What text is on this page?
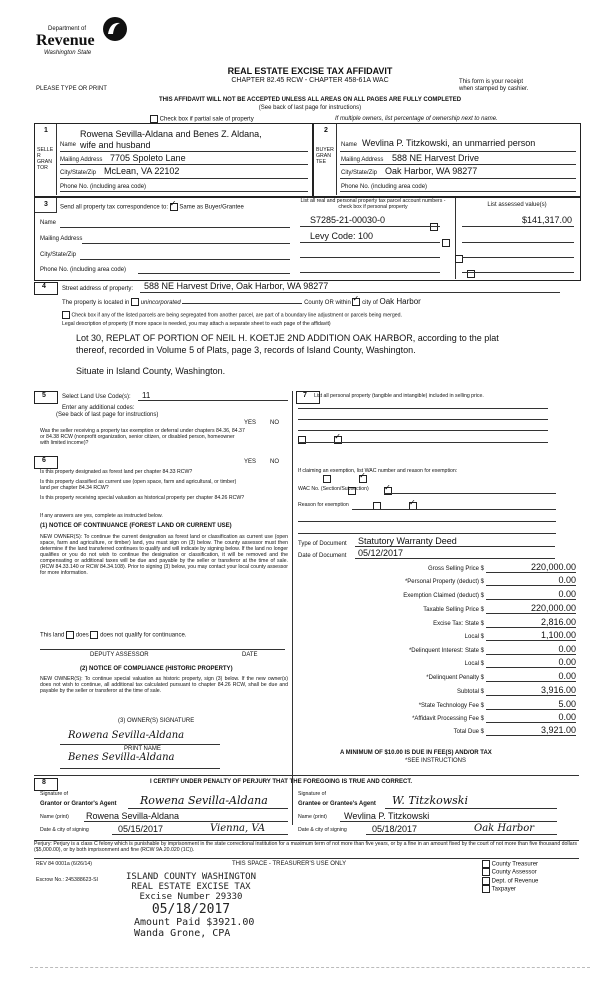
Department of
Revenue
Washington State
PLEASE TYPE OR PRINT
REAL ESTATE EXCISE TAX AFFIDAVIT
CHAPTER 82.45 RCW - CHAPTER 458-61A WAC	This form is your receipt
when stamped by cashier.
THIS AFFIDAVIT WILL NOT BE ACCEPTED UNLESS ALL AREAS ON ALL PAGES ARE FULLY COMPLETED
(See back of last page for instructions)
Check box if partial sale of property	If multiple owners, list percentage of ownership next to name.
1	2
SELLER GRANTOR
BUYER GRANTEE
Name
Rowena Sevilla-Aldana and Benes Z. Aldana,
wife and husband
Mailing Address 7705 Spoleto Lane
City/State/Zip McLean, VA 22102
Phone No. (including area code)
Name Wevlina P. Titzkowski, an unmarried person
Mailing Address 588 NE Harvest Drive
City/State/Zip Oak Harbor, WA 98277
Phone No. (including area code)
3 Send all property tax correspondence to: ✓ Same as Buyer/Grantee
List all real and personal property tax parcel account numbers - check box if personal property	List assessed value(s)
S7285-21-00030-0
	$141,317.00
Levy Code: 100

Name
Mailing Address
City/State/Zip
Phone No. (including area code)
4	Street address of property: 588 NE Harvest Drive, Oak Harbor, WA 98277
The property is located in unincorporated	County OR within ✓ city of Oak Harbor
Check box if any of the listed parcels are being segregated from another parcel, are part of a boundary line adjustment or parcels being merged.
Legal description of property (if more space is needed, you may attach a separate sheet to each page of the affidavit)
Lot 30, REPLAT OF PORTION OF NEIL H. KOETJE 2ND ADDITION OAK HARBOR, according to the plat
thereof, recorded in Volume 5 of Plats, page 3, records of Island County, Washington.
Situate in Island County, Washington.
5	Select Land Use Code(s): 11
Enter any additional codes:
(See back of last page for instructions)
YES NO
Was the seller receiving a property tax exemption or deferral under chapters 84.36, 84.37 or 84.38 RCW (nonprofit organization, senior citizen, or disabled person, homeowner with limited income)?
✓
6	YES NO
Is this property designated as forest land per chapter 84.33 RCW?
✓
Is this property classified as current use (open space, farm and agricultural, or timber) land per chapter 84.34 RCW?
✓
Is this property receiving special valuation as historical property per chapter 84.26 RCW?
✓
If any answers are yes, complete as instructed below.
(1) NOTICE OF CONTINUANCE (FOREST LAND OR CURRENT USE)
NEW OWNER(S): To continue the current designation as forest land or classification as current use (open space, farm and agriculture, or timber) land, you must sign on (3) below. The county assessor must then determine if the land transferred continues to qualify and will indicate by signing below. If the land no longer qualifies or you do not wish to continue the designation or classification, it will be removed and the compensating or additional taxes will be due and payable by the seller or transferor at the time of sale. (RCW 84.33.140 or RCW 84.34.108). Prior to signing (3) below, you may contact your local county assessor for more information.
This land does does not qualify for continuance.
DEPUTY ASSESSOR	DATE
(2) NOTICE OF COMPLIANCE (HISTORIC PROPERTY)
NEW OWNER(S): To continue special valuation as historic property, sign (3) below. If the new owner(s) does not wish to continue, all additional tax calculated pursuant to chapter 84.26 RCW, shall be due and payable by the seller or transferor at the time of sale.
(3) OWNER(S) SIGNATURE
Rowena Sevilla-Aldana
PRINT NAME
Benes Sevilla-Aldana
7 List all personal property (tangible and intangible) included in selling price.
If claiming an exemption, list WAC number and reason for exemption:
WAC No. (Section/Subsection)
Reason for exemption
Type of Document Statutory Warranty Deed
Date of Document 05/12/2017
Gross Selling Price $	220,000.00
*Personal Property (deduct) $	0.00
Exemption Claimed (deduct) $	0.00
Taxable Selling Price $	220,000.00
Excise Tax: State $	2,816.00
Local $	1,100.00
*Delinquent Interest: State $	0.00
Local $	0.00
*Delinquent Penalty $	0.00
Subtotal $	3,916.00
*State Technology Fee $	5.00
*Affidavit Processing Fee $	0.00
Total Due $	3,921.00
A MINIMUM OF $10.00 IS DUE IN FEE(S) AND/OR TAX
*SEE INSTRUCTIONS
8	I CERTIFY UNDER PENALTY OF PERJURY THAT THE FOREGOING IS TRUE AND CORRECT.
Signature of
Grantor or Grantor's Agent Rowena Sevilla-Aldana
Name (print) Rowena Sevilla-Aldana
Date & city of signing	05/15/2017	Vienna, VA
Signature of
Grantee or Grantee's Agent W. Titzkowski
Name (print) Wevlina P. Titzkowski
Date & city of signing	05/18/2017	Oak Harbor
Perjury: Perjury is a class C felony which is punishable by imprisonment in the state correctional institution for a maximum term of not more than five years, or by a fine in an amount fixed by the court of not more than five thousand dollars ($5,000.00), or by both imprisonment and fine (RCW 9A.20.020 (1C)).
REV 84 0001a (6/26/14)	THIS SPACE - TREASURER'S USE ONLY
Escrow No.: 245388623-SI
County Treasurer
County Assessor
Dept. of Revenue
Taxpayer
ISLAND COUNTY WASHINGTON
REAL ESTATE EXCISE TAX
Excise Number 29330
05/18/2017
Amount Paid $3921.00
Wanda Grone, CPA
